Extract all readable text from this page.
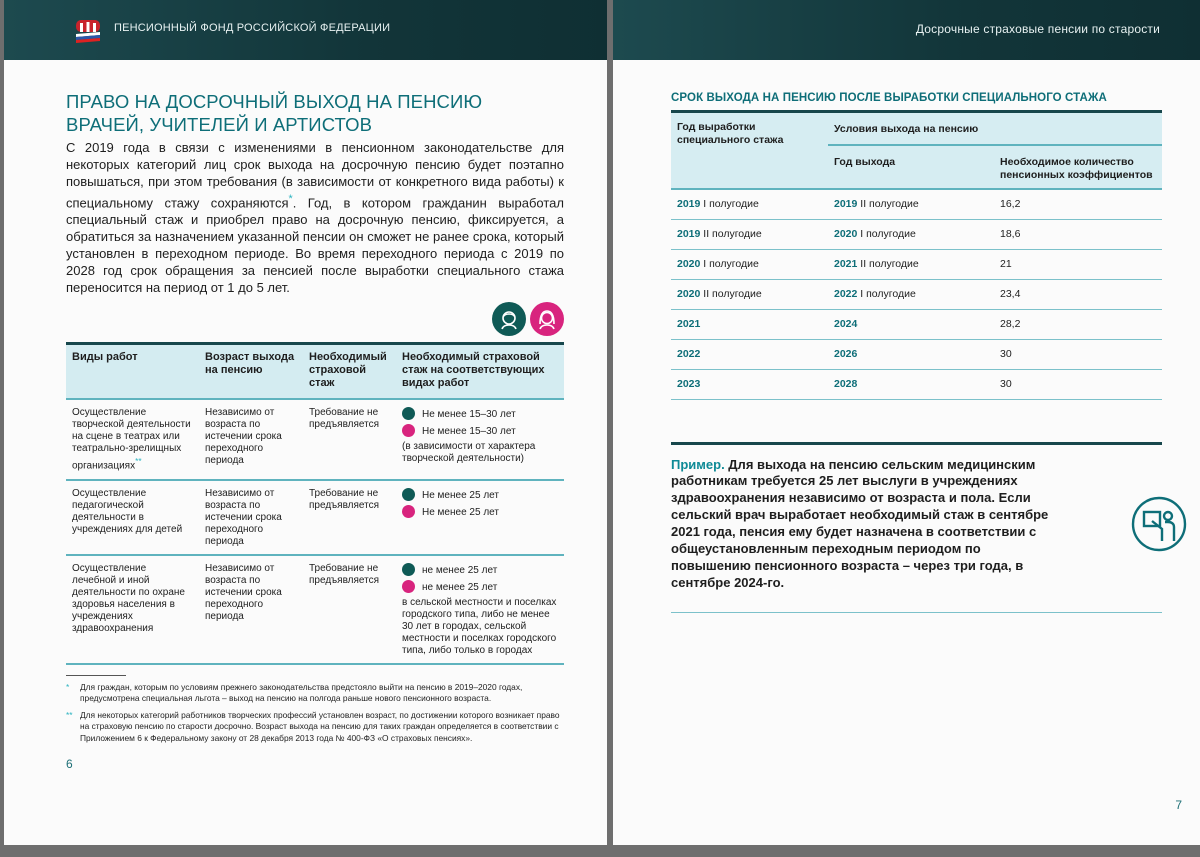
ПЕНСИОННЫЙ ФОНД РОССИЙСКОЙ ФЕДЕРАЦИИ
ПРАВО НА ДОСРОЧНЫЙ ВЫХОД НА ПЕНСИЮ ВРАЧЕЙ, УЧИТЕЛЕЙ И АРТИСТОВ

С 2019 года в связи с изменениями в пенсионном законодательстве для некоторых категорий лиц срок выхода на досрочную пенсию будет поэтапно повышаться, при этом требования (в зависимости от конкретного вида работы) к специальному стажу сохраняются*. Год, в котором гражданин выработал специальный стаж и приобрел право на досрочную пенсию, фиксируется, а обратиться за назначением указанной пенсии он сможет не ранее срока, который установлен в переходном периоде. Во время переходного периода с 2019 по 2028 год срок обращения за пенсией после выработки специального стажа переносится на период от 1 до 5 лет.

Виды работ	Возраст выхода на пенсию	Необходимый страховой стаж	Необходимый страховой стаж на соответствующих видах работ
Осуществление творческой деятельности на сцене в театрах или театрально-зрелищных организациях**	Независимо от возраста по истечении срока переходного периода	Требование не предъявляется	Не менее 15–30 лет
Не менее 15–30 лет
(в зависимости от характера творческой деятельности)

Осуществление педагогической деятельности в учреждениях для детей	Независимо от возраста по истечении срока переходного периода	Требование не предъявляется	Не менее 25 лет
Не менее 25 лет

Осуществление лечебной и иной деятельности по охране здоровья населения в учреждениях здравоохранения	Независимо от возраста по истечении срока переходного периода	Требование не предъявляется	не менее 25 лет
не менее 25 лет
в сельской местности и поселках городского типа, либо не менее 30 лет в городах, сельской местности и поселках городского типа, либо только в городах
* Для граждан, которым по условиям прежнего законодательства предстояло выйти на пенсию в 2019–2020 годах, предусмотрена специальная льгота – выход на пенсию на полгода раньше нового пенсионного возраста.
** Для некоторых категорий работников творческих профессий установлен возраст, по достижении которого возникает право на страховую пенсию по старости досрочно. Возраст выхода на пенсию для таких граждан определяется в соответствии с Приложением 6 к Федеральному закону от 28 декабря 2013 года № 400-ФЗ «О страховых пенсиях».
6
Досрочные страховые пенсии по старости
СРОК ВЫХОДА НА ПЕНСИЮ ПОСЛЕ ВЫРАБОТКИ СПЕЦИАЛЬНОГО СТАЖА
Год выработки специального стажа	Условия выхода на пенсию	
	Год выхода	Необходимое количество пенсионных коэффициентов
2019 I полугодие	2019 II полугодие	16,2
2019 II полугодие	2020 I полугодие	18,6
2020 I полугодие	2021 II полугодие	21
2020 II полугодие	2022 I полугодие	23,4
2021	2024	28,2
2022	2026	30
2023	2028	30

Пример. Для выхода на пенсию сельским медицинским работникам требуется 25 лет выслуги в учреждениях здравоохранения независимо от возраста и пола. Если сельский врач выработает необходимый стаж в сентябре 2021 года, пенсия ему будет назначена в соответствии с общеустановленным переходным периодом по повышению пенсионного возраста – через три года, в сентябре 2024-го.

7
